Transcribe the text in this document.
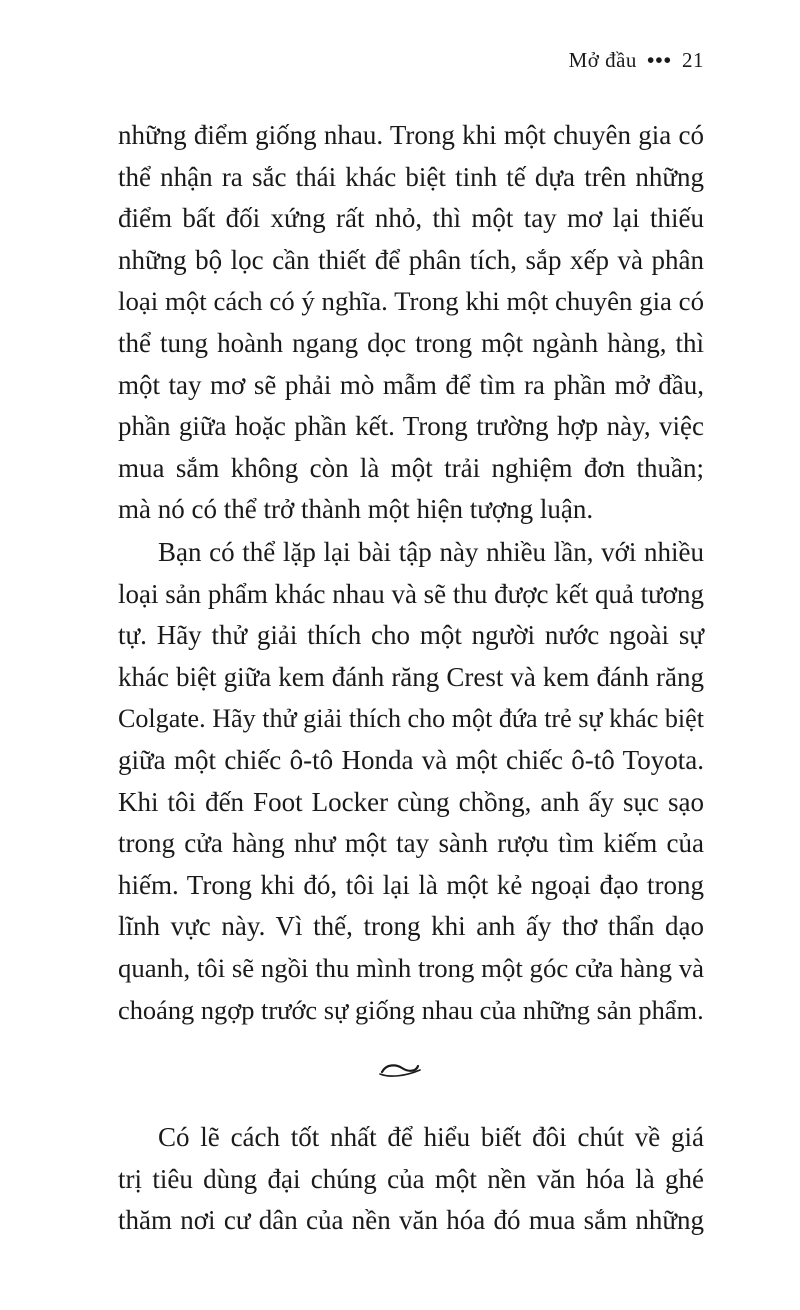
Mở đầu ••• 21
những điểm giống nhau. Trong khi một chuyên gia có
thể nhận ra sắc thái khác biệt tinh tế dựa trên những
điểm bất đối xứng rất nhỏ, thì một tay mơ lại thiếu
những bộ lọc cần thiết để phân tích, sắp xếp và phân
loại một cách có ý nghĩa. Trong khi một chuyên gia có
thể tung hoành ngang dọc trong một ngành hàng, thì
một tay mơ sẽ phải mò mẫm để tìm ra phần mở đầu,
phần giữa hoặc phần kết. Trong trường hợp này, việc
mua sắm không còn là một trải nghiệm đơn thuần;
mà nó có thể trở thành một hiện tượng luận.
Bạn có thể lặp lại bài tập này nhiều lần, với nhiều
loại sản phẩm khác nhau và sẽ thu được kết quả tương
tự. Hãy thử giải thích cho một người nước ngoài sự
khác biệt giữa kem đánh răng Crest và kem đánh răng
Colgate. Hãy thử giải thích cho một đứa trẻ sự khác biệt
giữa một chiếc ô-tô Honda và một chiếc ô-tô Toyota.
Khi tôi đến Foot Locker cùng chồng, anh ấy sục sạo
trong cửa hàng như một tay sành rượu tìm kiếm của
hiếm. Trong khi đó, tôi lại là một kẻ ngoại đạo trong
lĩnh vực này. Vì thế, trong khi anh ấy thơ thẩn dạo
quanh, tôi sẽ ngồi thu mình trong một góc cửa hàng và
choáng ngợp trước sự giống nhau của những sản phẩm.
Có lẽ cách tốt nhất để hiểu biết đôi chút về giá
trị tiêu dùng đại chúng của một nền văn hóa là ghé
thăm nơi cư dân của nền văn hóa đó mua sắm những
